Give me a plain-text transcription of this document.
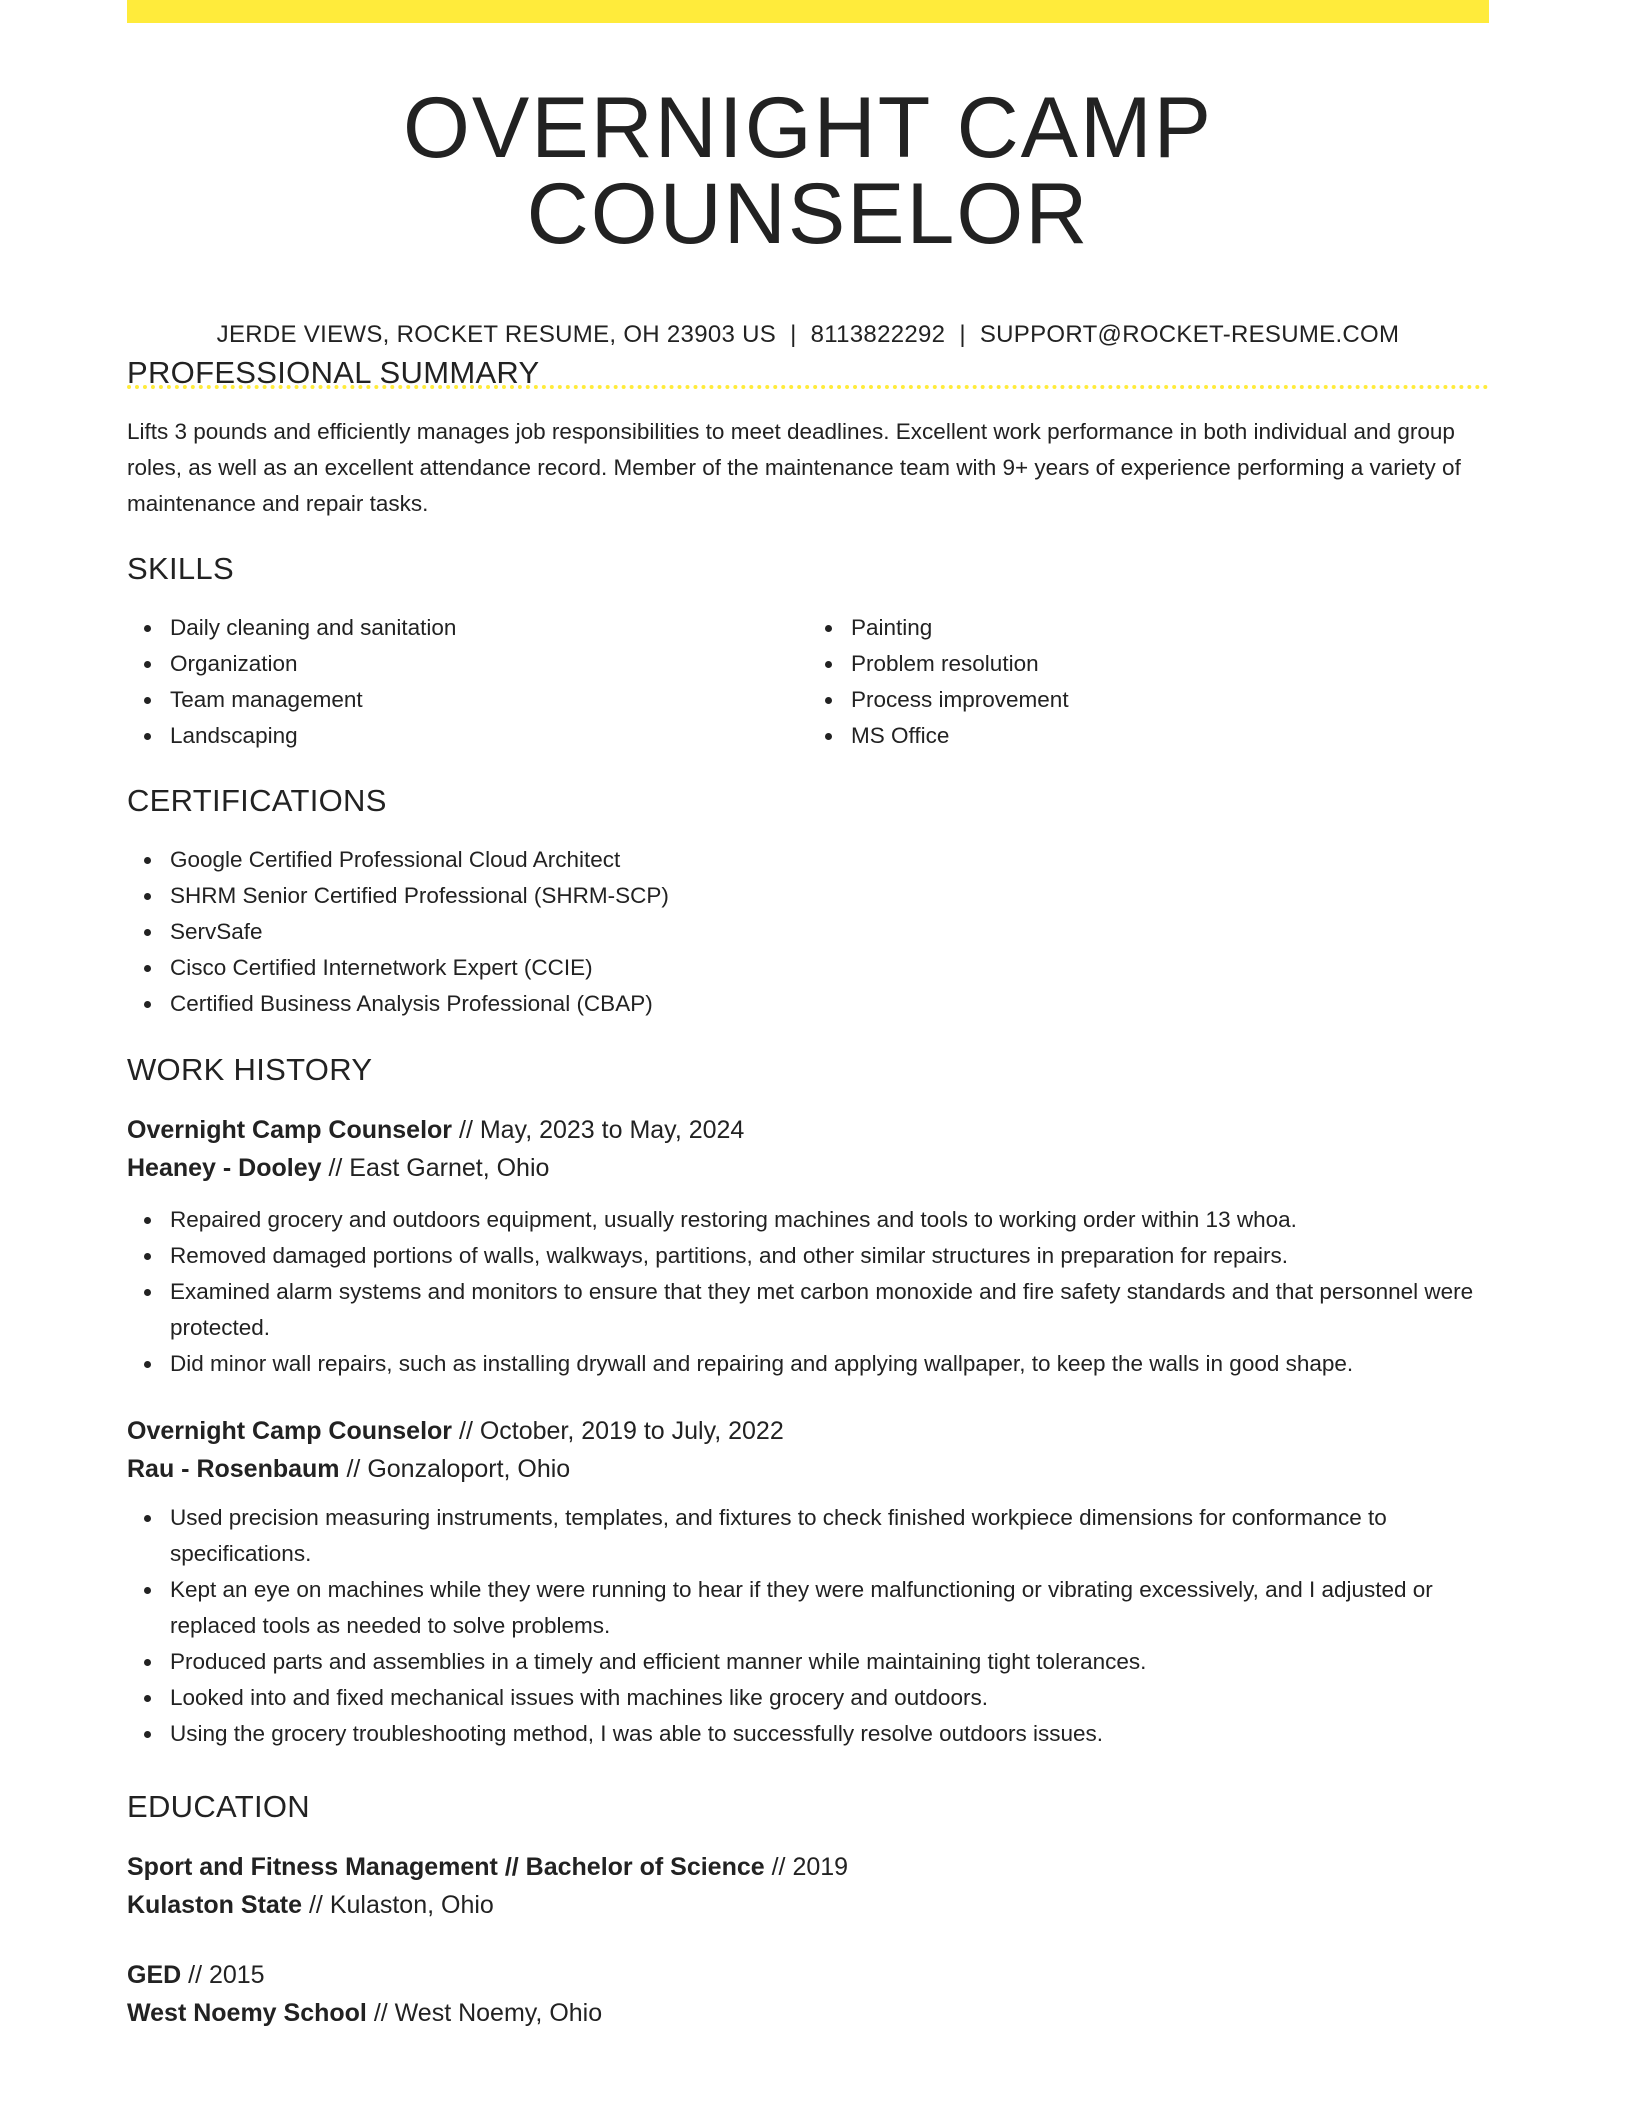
OVERNIGHT CAMP COUNSELOR
JERDE VIEWS, ROCKET RESUME, OH 23903 US | 8113822292 | SUPPORT@ROCKET-RESUME.COM
PROFESSIONAL SUMMARY

Lifts 3 pounds and efficiently manages job responsibilities to meet deadlines. Excellent work performance in both individual and group roles, as well as an excellent attendance record. Member of the maintenance team with 9+ years of experience performing a variety of maintenance and repair tasks.

SKILLS
Daily cleaning and sanitation
Organization
Team management
Landscaping
Painting
Problem resolution
Process improvement
MS Office
CERTIFICATIONS
Google Certified Professional Cloud Architect
SHRM Senior Certified Professional (SHRM-SCP)
ServSafe
Cisco Certified Internetwork Expert (CCIE)
Certified Business Analysis Professional (CBAP)
WORK HISTORY
Overnight Camp Counselor // May, 2023 to May, 2024
Heaney - Dooley // East Garnet, Ohio
Repaired grocery and outdoors equipment, usually restoring machines and tools to working order within 13 whoa.
Removed damaged portions of walls, walkways, partitions, and other similar structures in preparation for repairs.
Examined alarm systems and monitors to ensure that they met carbon monoxide and fire safety standards and that personnel were protected.
Did minor wall repairs, such as installing drywall and repairing and applying wallpaper, to keep the walls in good shape.
Overnight Camp Counselor // October, 2019 to July, 2022
Rau - Rosenbaum // Gonzaloport, Ohio
Used precision measuring instruments, templates, and fixtures to check finished workpiece dimensions for conformance to specifications.
Kept an eye on machines while they were running to hear if they were malfunctioning or vibrating excessively, and I adjusted or replaced tools as needed to solve problems.
Produced parts and assemblies in a timely and efficient manner while maintaining tight tolerances.
Looked into and fixed mechanical issues with machines like grocery and outdoors.
Using the grocery troubleshooting method, I was able to successfully resolve outdoors issues.
EDUCATION
Sport and Fitness Management // Bachelor of Science // 2019
Kulaston State // Kulaston, Ohio
GED // 2015
West Noemy School // West Noemy, Ohio
